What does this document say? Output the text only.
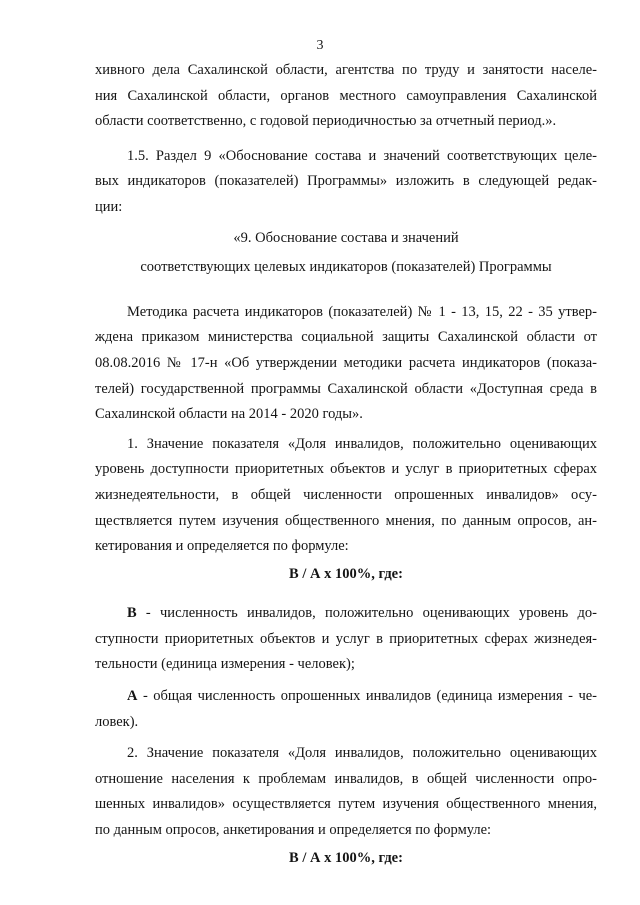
3

хивного дела Сахалинской области, агентства по труду и занятости населе-
ния Сахалинской области, органов местного самоуправления Сахалинской
области соответственно, с годовой периодичностью за отчетный период.».

1.5. Раздел 9 «Обоснование состава и значений соответствующих целе-
вых индикаторов (показателей) Программы» изложить в следующей редак-
ции:

«9. Обоснование состава и значений
соответствующих целевых индикаторов (показателей) Программы

Методика расчета индикаторов (показателей) № 1 - 13, 15, 22 - 35 утвер-
ждена приказом министерства социальной защиты Сахалинской области от
08.08.2016 № 17-н «Об утверждении методики расчета индикаторов (показа-
телей) государственной программы Сахалинской области «Доступная среда в
Сахалинской области на 2014 - 2020 годы».

1. Значение показателя «Доля инвалидов, положительно оценивающих
уровень доступности приоритетных объектов и услуг в приоритетных сферах
жизнедеятельности, в общей численности опрошенных инвалидов» осу-
ществляется путем изучения общественного мнения, по данным опросов, ан-
кетирования и определяется по формуле:

В / А х 100%, где:

В - численность инвалидов, положительно оценивающих уровень до-
ступности приоритетных объектов и услуг в приоритетных сферах жизнедея-
тельности (единица измерения - человек);

А - общая численность опрошенных инвалидов (единица измерения - че-
ловек).

2. Значение показателя «Доля инвалидов, положительно оценивающих
отношение населения к проблемам инвалидов, в общей численности опро-
шенных инвалидов» осуществляется путем изучения общественного мнения,
по данным опросов, анкетирования и определяется по формуле:

В / А х 100%, где:
